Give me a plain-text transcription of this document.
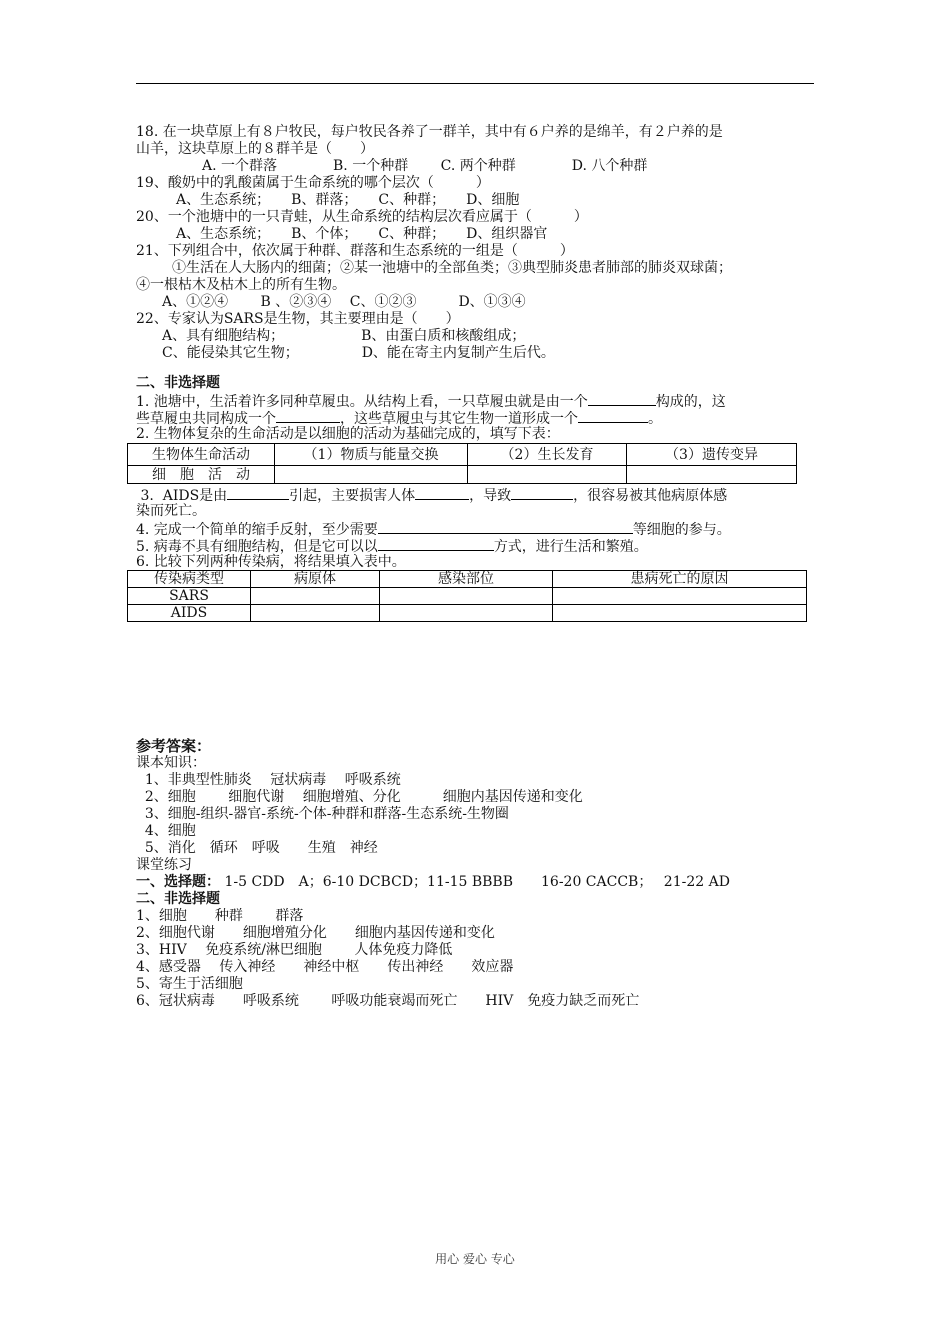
18. 在一块草原上有８户牧民，每户牧民各养了一群羊，其中有６户养的是绵羊，有２户养的是
山羊，这块草原上的８群羊是（　　）
A. 一个群落　　　　B. 一个种群　　 C. 两个种群　　　　D. 八个种群
19、酸奶中的乳酸菌属于生命系统的哪个层次（　　　）
A、生态系统；　　B、群落；　　C、种群；　　D、细胞
20、一个池塘中的一只青蛙，从生命系统的结构层次看应属于（　　　）
A、生态系统；　　B、个体；　　C、种群；　　D、组织器官
21、下列组合中，依次属于种群、群落和生态系统的一组是（　　　）
①生活在人大肠内的细菌；②某一池塘中的全部鱼类；③典型肺炎患者肺部的肺炎双球菌；
④一根枯木及枯木上的所有生物。
A、①②④　　 B 、②③④　 C、①②③　　　D、①③④
22、专家认为SARS是生物，其主要理由是（　　）
A、具有细胞结构；　　　　　　B、由蛋白质和核酸组成；
C、能侵染其它生物；　　　　　D、能在寄主内复制产生后代。
二、非选择题
1. 池塘中，生活着许多同种草履虫。从结构上看，一只草履虫就是由一个	构成的，这
些草履虫共同构成一个	，这些草履虫与其它生物一道形成一个	。
2. 生物体复杂的生命活动是以细胞的活动为基础完成的，填写下表：
生物体生命活动	（1）物质与能量交换	（2）生长发育	（3）遗传变异
细　胞　活　动			
3.  AIDS是由	引起，主要损害人体	，导致	，很容易被其他病原体感
染而死亡。
4. 完成一个简单的缩手反射，至少需要	等细胞的参与。
5. 病毒不具有细胞结构，但是它可以以	方式，进行生活和繁殖。
6. 比较下列两种传染病，将结果填入表中。
传染病类型	病原体	感染部位	患病死亡的原因
SARS			
AIDS			
参考答案：
课本知识：
1、非典型性肺炎　 冠状病毒　 呼吸系统
2、细胞　　 细胞代谢　 细胞增殖、分化　　　细胞内基因传递和变化
3、细胞-组织-器官-系统-个体-种群和群落-生态系统-生物圈
4、细胞
5、消化　循环　呼吸　　生殖　神经
课堂练习
一、选择题： 1-5 CDD　A；6-10 DCBCD；11-15 BBBB　　16-20 CACCB；　 21-22 AD
二、非选择题
1、细胞　　种群　　 群落
2、细胞代谢　　细胞增殖分化　　细胞内基因传递和变化
3、HIV　 免疫系统/淋巴细胞　　 人体免疫力降低
4、感受器　 传入神经　　神经中枢　　传出神经　　效应器
5、寄生于活细胞
6、冠状病毒　　呼吸系统　　 呼吸功能衰竭而死亡　　HIV　免疫力缺乏而死亡
用心 爱心 专心
